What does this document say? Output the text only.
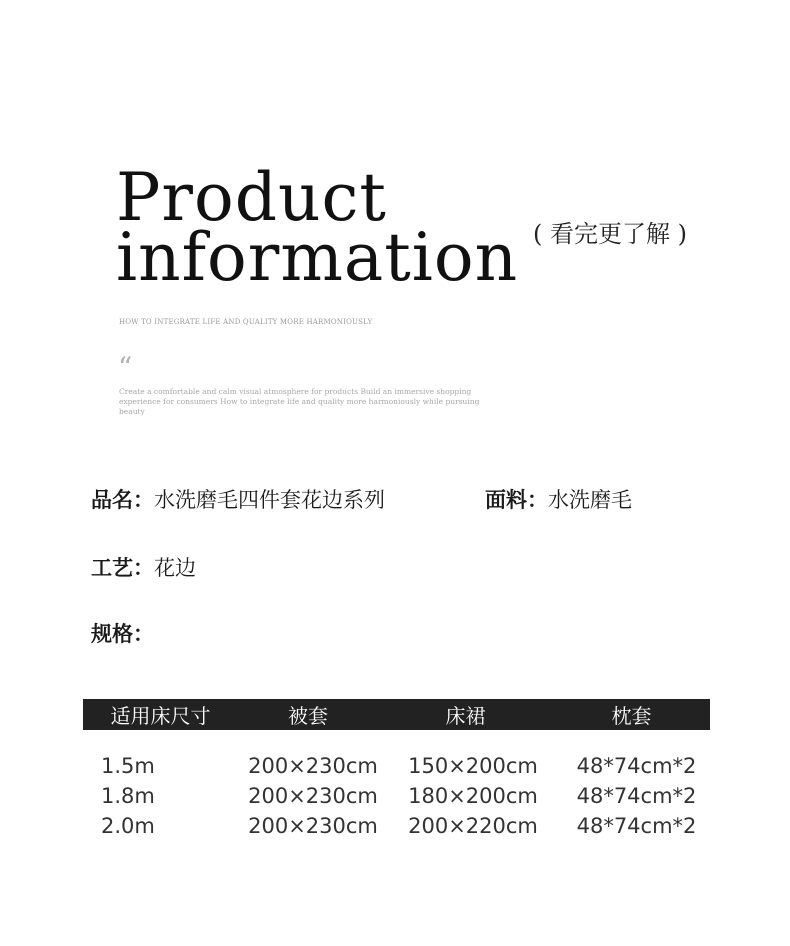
Product
information ( 看完更了解 )
HOW TO INTEGRATE LIFE AND QUALITY MORE HARMONIOUSLY
“
Create a comfortable and calm visual atmosphere for products Build an immersive shopping experience for consumers How to integrate life and quality more harmoniously while pursuing beauty
品名：水洗磨毛四件套花边系列	面料：水洗磨毛
工艺：花边
规格：
适用床尺寸	被套	床裙	枕套
1.5m	200×230cm	150×200cm	48*74cm*2
1.8m	200×230cm	180×200cm	48*74cm*2
2.0m	200×230cm	200×220cm	48*74cm*2
